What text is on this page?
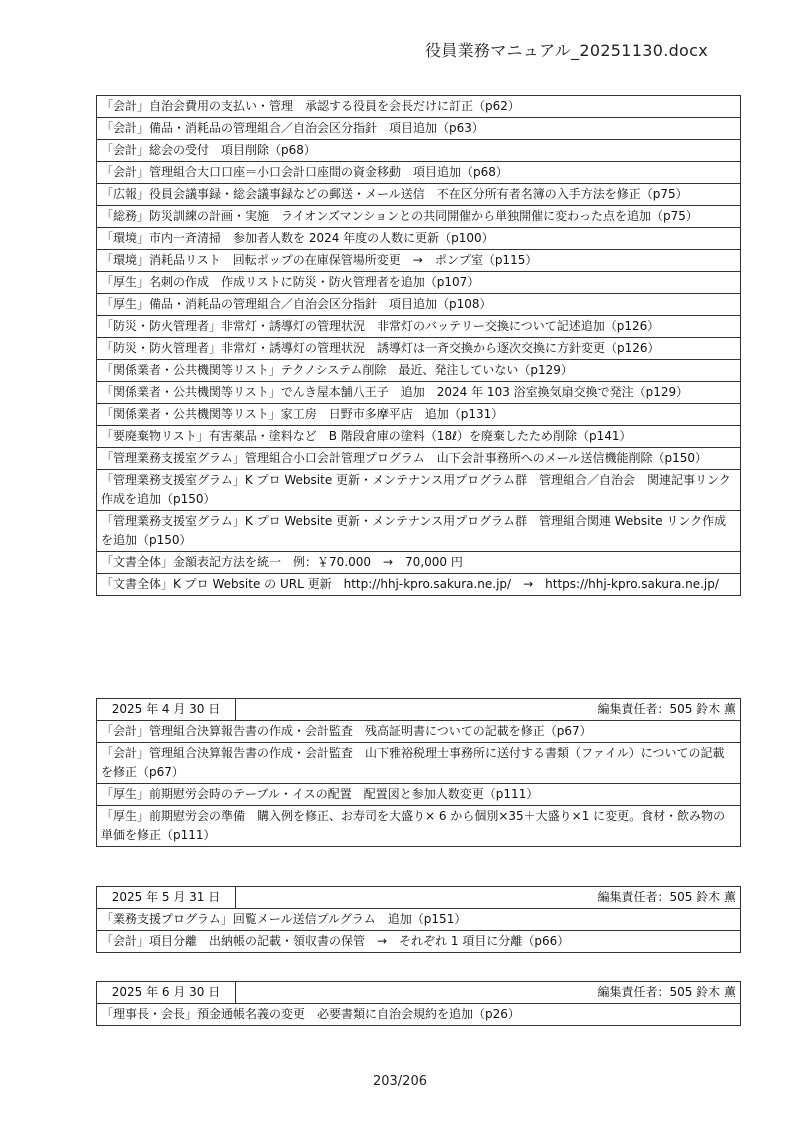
役員業務マニュアル_20251130.docx
「会計」自治会費用の支払い・管理　承認する役員を会長だけに訂正（p62）
「会計」備品・消耗品の管理組合／自治会区分指針　項目追加（p63）
「会計」総会の受付　項目削除（p68）
「会計」管理組合大口口座＝小口会計口座間の資金移動　項目追加（p68）
「広報」役員会議事録・総会議事録などの郵送・メール送信　不在区分所有者名簿の入手方法を修正（p75）
「総務」防災訓練の計画・実施　ライオンズマンションとの共同開催から単独開催に変わった点を追加（p75）
「環境」市内一斉清掃　参加者人数を 2024 年度の人数に更新（p100）
「環境」消耗品リスト　回転ポップの在庫保管場所変更　→　ポンプ室（p115）
「厚生」名刺の作成　作成リストに防災・防火管理者を追加（p107）
「厚生」備品・消耗品の管理組合／自治会区分指針　項目追加（p108）
「防災・防火管理者」非常灯・誘導灯の管理状況　非常灯のバッテリー交換について記述追加（p126）
「防災・防火管理者」非常灯・誘導灯の管理状況　誘導灯は一斉交換から逐次交換に方針変更（p126）
「関係業者・公共機関等リスト」テクノシステム削除　最近、発注していない（p129）
「関係業者・公共機関等リスト」でんき屋本舗八王子　追加　2024 年 103 浴室換気扇交換で発注（p129）
「関係業者・公共機関等リスト」家工房　日野市多摩平店　追加（p131）
「要廃棄物リスト」有害薬品・塗料など　B 階段倉庫の塗料（18ℓ）を廃棄したため削除（p141）
「管理業務支援室グラム」管理組合小口会計管理プログラム　山下会計事務所へのメール送信機能削除（p150）
「管理業務支援室グラム」K プロ Website 更新・メンテナンス用プログラム群　管理組合／自治会　関連記事リンク作成を追加（p150）
「管理業務支援室グラム」K プロ Website 更新・メンテナンス用プログラム群　管理組合関連 Website リンク作成を追加（p150）
「文書全体」金額表記方法を統一　例：￥70.000　→　70,000 円
「文書全体」K プロ Website の URL 更新　http://hhj-kpro.sakura.ne.jp/　→　https://hhj-kpro.sakura.ne.jp/
2025 年 4 月 30 日	編集責任者：505 鈴木 薫
「会計」管理組合決算報告書の作成・会計監査　残高証明書についての記載を修正（p67）
「会計」管理組合決算報告書の作成・会計監査　山下雅裕税理士事務所に送付する書類（ファイル）についての記載を修正（p67）
「厚生」前期慰労会時のテーブル・イスの配置　配置図と参加人数変更（p111）
「厚生」前期慰労会の準備　購入例を修正、お寿司を大盛り× 6 から個別×35＋大盛り×1 に変更。食材・飲み物の単価を修正（p111）
2025 年 5 月 31 日	編集責任者：505 鈴木 薫
「業務支援プログラム」回覧メール送信プルグラム　追加（p151）
「会計」項目分離　出納帳の記載・領収書の保管　→　それぞれ 1 項目に分離（p66）
2025 年 6 月 30 日	編集責任者：505 鈴木 薫
「理事長・会長」預金通帳名義の変更　必要書類に自治会規約を追加（p26）
203/206
